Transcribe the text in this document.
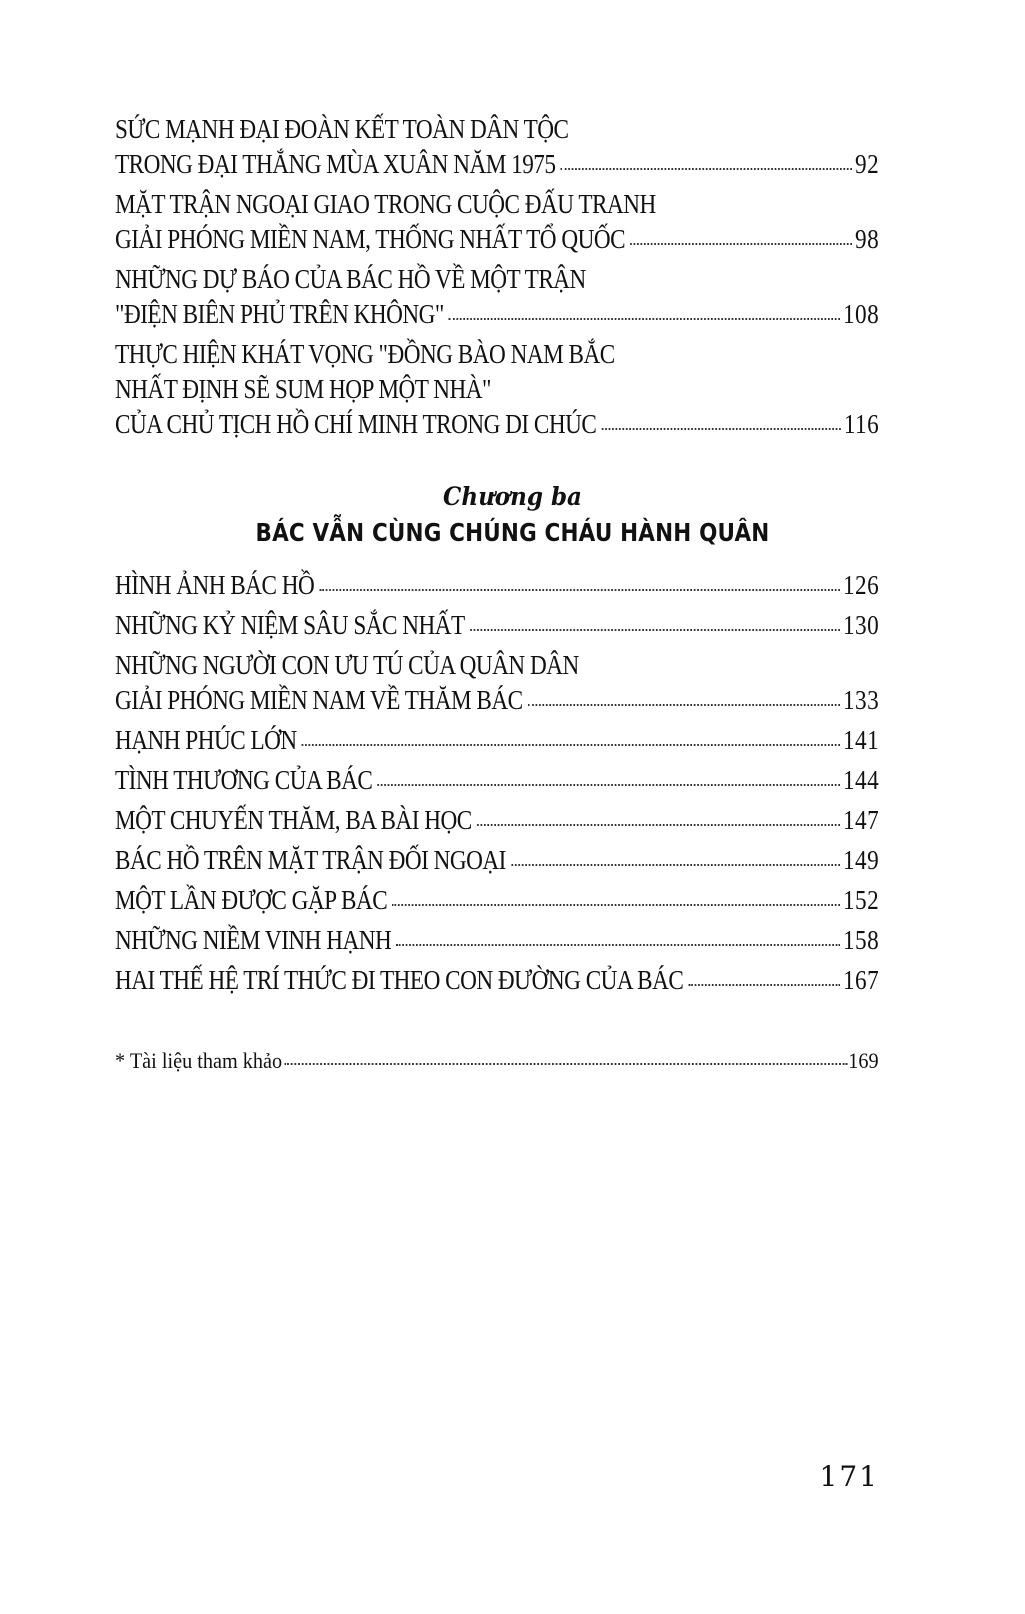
SỨC MẠNH ĐẠI ĐOÀN KẾT TOÀN DÂN TỘC
TRONG ĐẠI THẮNG MÙA XUÂN NĂM 1975	92
MẶT TRẬN NGOẠI GIAO TRONG CUỘC ĐẤU TRANH
GIẢI PHÓNG MIỀN NAM, THỐNG NHẤT TỔ QUỐC	98
NHỮNG DỰ BÁO CỦA BÁC HỒ VỀ MỘT TRẬN
"ĐIỆN BIÊN PHỦ TRÊN KHÔNG"	108
THỰC HIỆN KHÁT VỌNG "ĐỒNG BÀO NAM BẮC
NHẤT ĐỊNH SẼ SUM HỌP MỘT NHÀ"
CỦA CHỦ TỊCH HỒ CHÍ MINH TRONG DI CHÚC	116
Chương ba
BÁC VẪN CÙNG CHÚNG CHÁU HÀNH QUÂN
HÌNH ẢNH BÁC HỒ	126
NHỮNG KỶ NIỆM SÂU SẮC NHẤT	130
NHỮNG NGƯỜI CON ƯU TÚ CỦA QUÂN DÂN
GIẢI PHÓNG MIỀN NAM VỀ THĂM BÁC	133
HẠNH PHÚC LỚN	141
TÌNH THƯƠNG CỦA BÁC	144
MỘT CHUYẾN THĂM, BA BÀI HỌC	147
BÁC HỒ TRÊN MẶT TRẬN ĐỐI NGOẠI	149
MỘT LẦN ĐƯỢC GẶP BÁC	152
NHỮNG NIỀM VINH HẠNH	158
HAI THẾ HỆ TRÍ THỨC ĐI THEO CON ĐƯỜNG CỦA BÁC	167
* Tài liệu tham khảo	169
171
